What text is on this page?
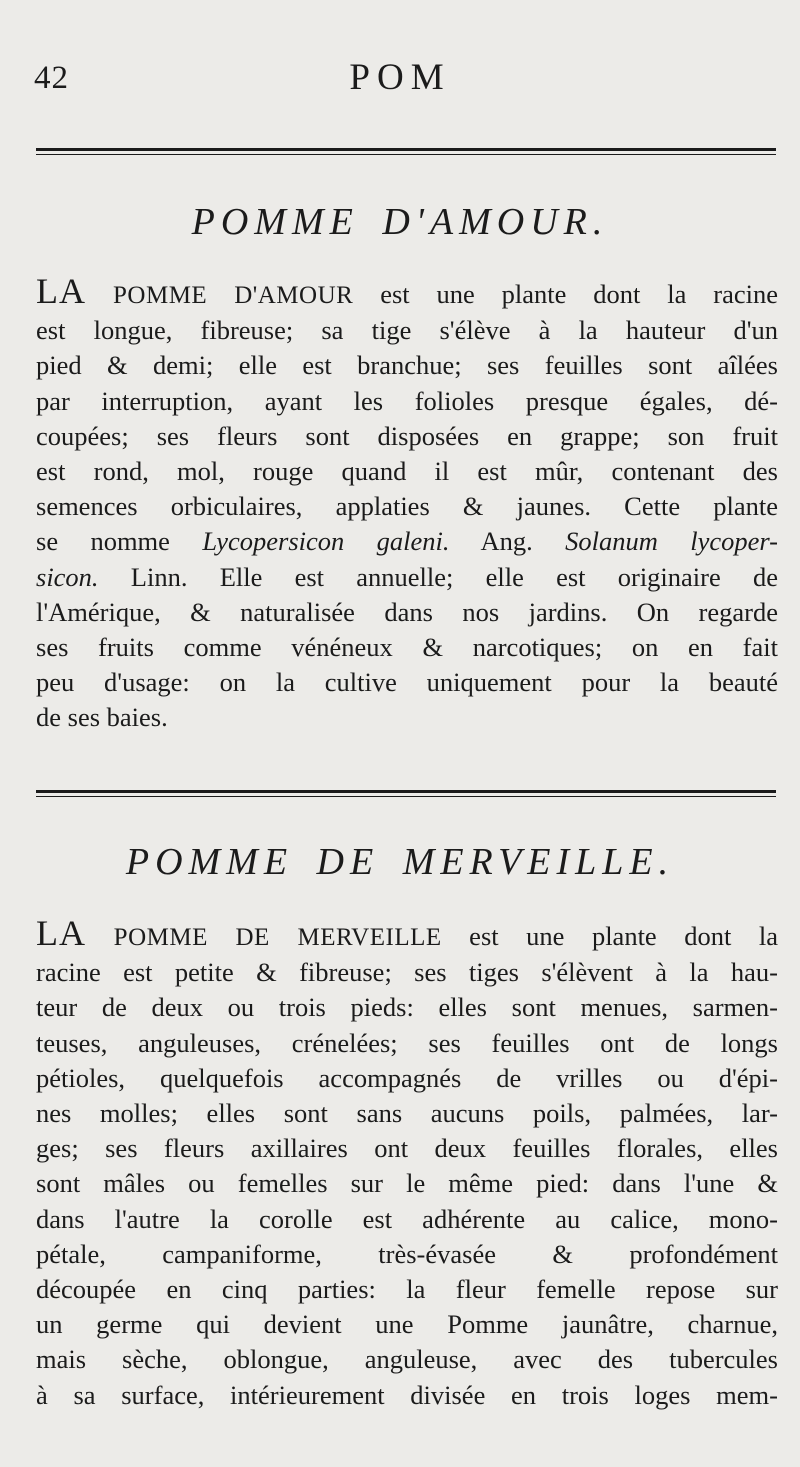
42	POM
POMME D'AMOUR.
LA POMME D'AMOUR est une plante dont la racine
est longue, fibreuse; sa tige s'élève à la hauteur d'un
pied & demi; elle est branchue; ses feuilles sont aîlées
par interruption, ayant les folioles presque égales, dé-
coupées; ses fleurs sont disposées en grappe; son fruit
est rond, mol, rouge quand il est mûr, contenant des
semences orbiculaires, applaties & jaunes. Cette plante
se nomme Lycopersicon galeni. Ang. Solanum lycoper-
sicon. Linn. Elle est annuelle; elle est originaire de
l'Amérique, & naturalisée dans nos jardins. On regarde
ses fruits comme vénéneux & narcotiques; on en fait
peu d'usage: on la cultive uniquement pour la beauté
de ses baies.
POMME DE MERVEILLE.
LA POMME DE MERVEILLE est une plante dont la
racine est petite & fibreuse; ses tiges s'élèvent à la hau-
teur de deux ou trois pieds: elles sont menues, sarmen-
teuses, anguleuses, crénelées; ses feuilles ont de longs
pétioles, quelquefois accompagnés de vrilles ou d'épi-
nes molles; elles sont sans aucuns poils, palmées, lar-
ges; ses fleurs axillaires ont deux feuilles florales, elles
sont mâles ou femelles sur le même pied: dans l'une &
dans l'autre la corolle est adhérente au calice, mono-
pétale, campaniforme, très-évasée & profondément
découpée en cinq parties: la fleur femelle repose sur
un germe qui devient une Pomme jaunâtre, charnue,
mais sèche, oblongue, anguleuse, avec des tubercules
à sa surface, intérieurement divisée en trois loges mem-
